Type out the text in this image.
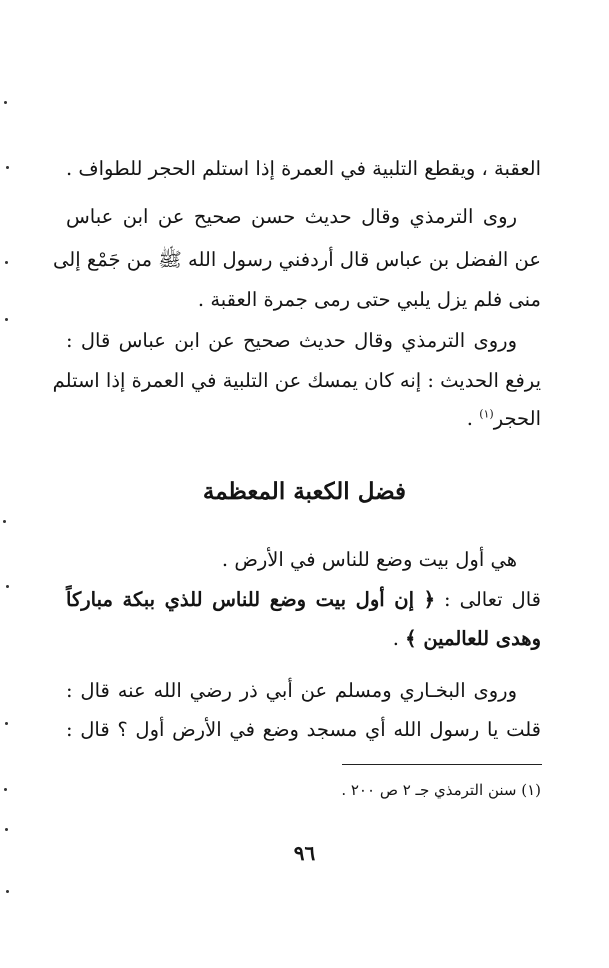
العقبة ، ويقطع التلبية في العمرة إذا استلم الحجر للطواف .
روى الترمذي وقال حديث حسن صحيح عن ابن عباس
عن الفضل بن عباس قال أردفني رسول الله ﷺ من جَمْع إلى
منى فلم يزل يلبي حتى رمى جمرة العقبة .
وروى الترمذي وقال حديث صحيح عن ابن عباس قال :
يرفع الحديث : إنه كان يمسك عن التلبية في العمرة إذا استلم
الحجر$^{(١)}$ .
فضل الكعبة المعظمة
هي أول بيت وضع للناس في الأرض .
قال تعالى : ﴿ إن أول بيت وضع للناس للذي ببكة مباركاً
وهدى للعالمين ﴾ .
وروى البخـاري ومسلم عن أبي ذر رضي الله عنه قال :
قلت يا رسول الله أي مسجد وضع في الأرض أول ؟ قال :
(١) سنن الترمذي جـ ٢ ص ٢٠٠ .
٩٦
